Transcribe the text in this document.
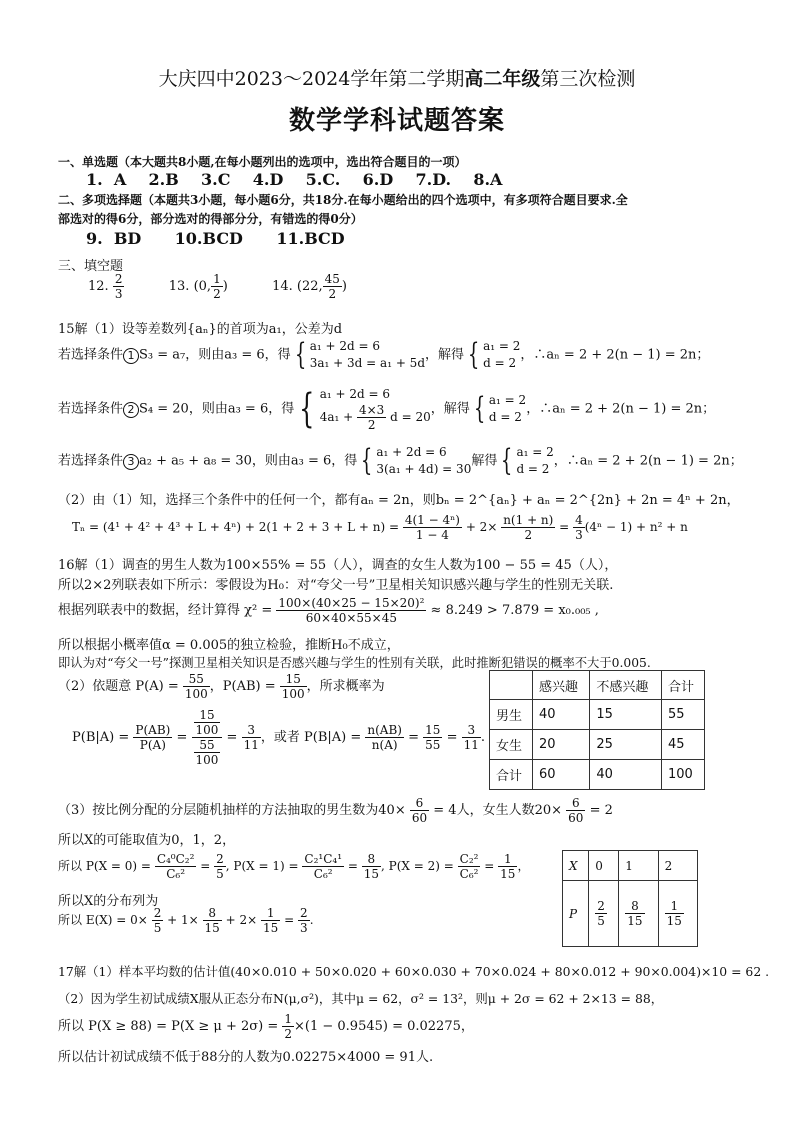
大庆四中2023～2024学年第二学期高二年级第三次检测
数学学科试题答案
一、单选题（本大题共8小题,在每小题列出的选项中，选出符合题目的一项）
1.  A    2.B    3.C    4.D    5.C.    6.D    7.D.    8.A
二、多项选择题（本题共3小题，每小题6分，共18分.在每小题给出的四个选项中，有多项符合题目要求.全
部选对的得6分，部分选对的得部分分，有错选的得0分）
9.  BD      10.BCD      11.BCD
三、填空题
12. $\frac{2}{3}$	13. (0, $\frac{1}{2}$ )	14. (22, $\frac{45}{2}$ )
15解（1）设等差数列{aₙ}的首项为a₁，公差为d
若选择条件 1 S₃ = a₇，则由a₃ = 6，得 { a₁ + 2d = 6
3a₁ + 3d = a₁ + 5d
，解得 { a₁ = 2
d = 2
，∴aₙ = 2 + 2(n − 1) = 2n；
若选择条件 2 S₄ = 20，则由a₃ = 6，得 { a₁ + 2d = 6
$4a_1 + \frac{4\times 3}{2}$ d = 20
，解得 { a₁ = 2
d = 2
，∴aₙ = 2 + 2(n − 1) = 2n；
若选择条件 3 a₂ + a₅ + a₈ = 30，则由a₃ = 6，得 { a₁ + 2d = 6
3(a₁ + 4d) = 30
解得 { a₁ = 2
d = 2
，∴aₙ = 2 + 2(n − 1) = 2n；
（2）由（1）知，选择三个条件中的任何一个，都有aₙ = 2n，则bₙ = 2^{aₙ} + aₙ = 2^{2n} + 2n = 4ⁿ + 2n，
$T_n = (4^1 + 4^2 + 4^3 + L + 4^n) + 2(1 + 2 + 3 + L + n) = \frac{\text{4(1 − 4ⁿ)}}{1 - 4} + 2\times \frac{n(1 + n)}{2} = \frac{4}{3} (4^n - 1) + n^2 + n$
16解（1）调查的男生人数为100×55% = 55（人），调查的女生人数为100 − 55 = 45（人），
所以2×2列联表如下所示：零假设为H₀：对“夸父一号”卫星相关知识感兴趣与学生的性别无关联.
根据列联表中的数据，经计算得 $\chi^2 = \frac{\text{100×(40×25 − 15×20)²}}{60\times 40\times 55\times 45} \approx 8.249 > 7.879 = x_0._{005}$ ,
所以根据小概率值α = 0.005的独立检验，推断H₀不成立，
即认为对“夸父一号”探测卫星相关知识是否感兴趣与学生的性别有关联，此时推断犯错误的概率不大于0.005.
（2）依题意 $P(A) = \frac{55}{100}$ ，$P(AB) = \frac{15}{100}$ ，所求概率为
$P(B|A) = \frac{P(AB)}{P(A)} = \frac{\frac{15}{100}}{\frac{55}{100}} = \frac{3}{11}$ ，或者 $P(B|A) = \frac{n(AB)}{n(A)} = \frac{15}{55} = \frac{3}{11}$ .
	感兴趣	不感兴趣	合计
男生	40	15	55
女生	20	25	45
合计	60	40	100
（3）按比例分配的分层随机抽样的方法抽取的男生数为$40\times \frac{6}{60} = 4$人，女生人数$20\times \frac{6}{60} = 2$
所以X的可能取值为0，1，2，
所以 $P(X = 0) = \frac{\text{C₄⁰C₂²}}{\text{C₆²}} = \frac{2}{5}$ , $P(X = 1) = \frac{\text{C₂¹C₄¹}}{\text{C₆²}} = \frac{8}{15}$ , $P(X = 2) = \frac{\text{C₂²}}{\text{C₆²}} = \frac{1}{15}$ ，
所以X的分布列为
所以 $E(X) = 0\times \frac{2}{5} + 1\times \frac{8}{15} + 2\times \frac{1}{15} = \frac{2}{3}$ .
X	0	1	2
P	$\frac{2}{5}$	$\frac{8}{15}$	$\frac{1}{15}$
17解（1）样本平均数的估计值(40×0.010 + 50×0.020 + 60×0.030 + 70×0.024 + 80×0.012 + 90×0.004)×10 = 62 .
（2）因为学生初试成绩X服从正态分布N(μ,σ²)，其中μ = 62，σ² = 13²，则μ + 2σ = 62 + 2×13 = 88，
所以 $P(X \ge 88) = P(X \ge \mu + 2\sigma) = \frac{1}{2} \times(1 - 0.9545) = 0.02275$，
所以估计初试成绩不低于88分的人数为0.02275×4000 = 91人.
